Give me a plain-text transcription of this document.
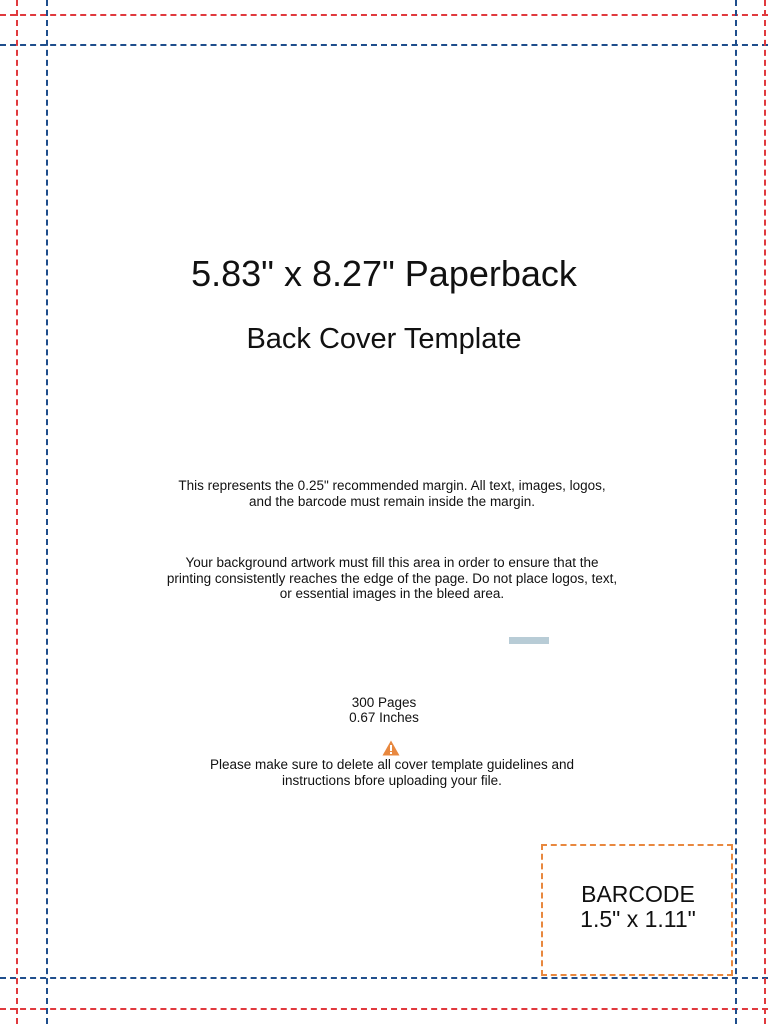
5.83" x 8.27" Paperback
Back Cover Template

This represents the 0.25" recommended margin. All text, images, logos, and the barcode must remain inside the margin.

Your background artwork must fill this area in order to ensure that the printing consistently reaches the edge of the page. Do not place logos, text, or essential images in the bleed area.

300 Pages

0.67 Inches

Please make sure to delete all cover template guidelines and instructions bfore uploading your file.

BARCODE

1.5" x 1.11"
